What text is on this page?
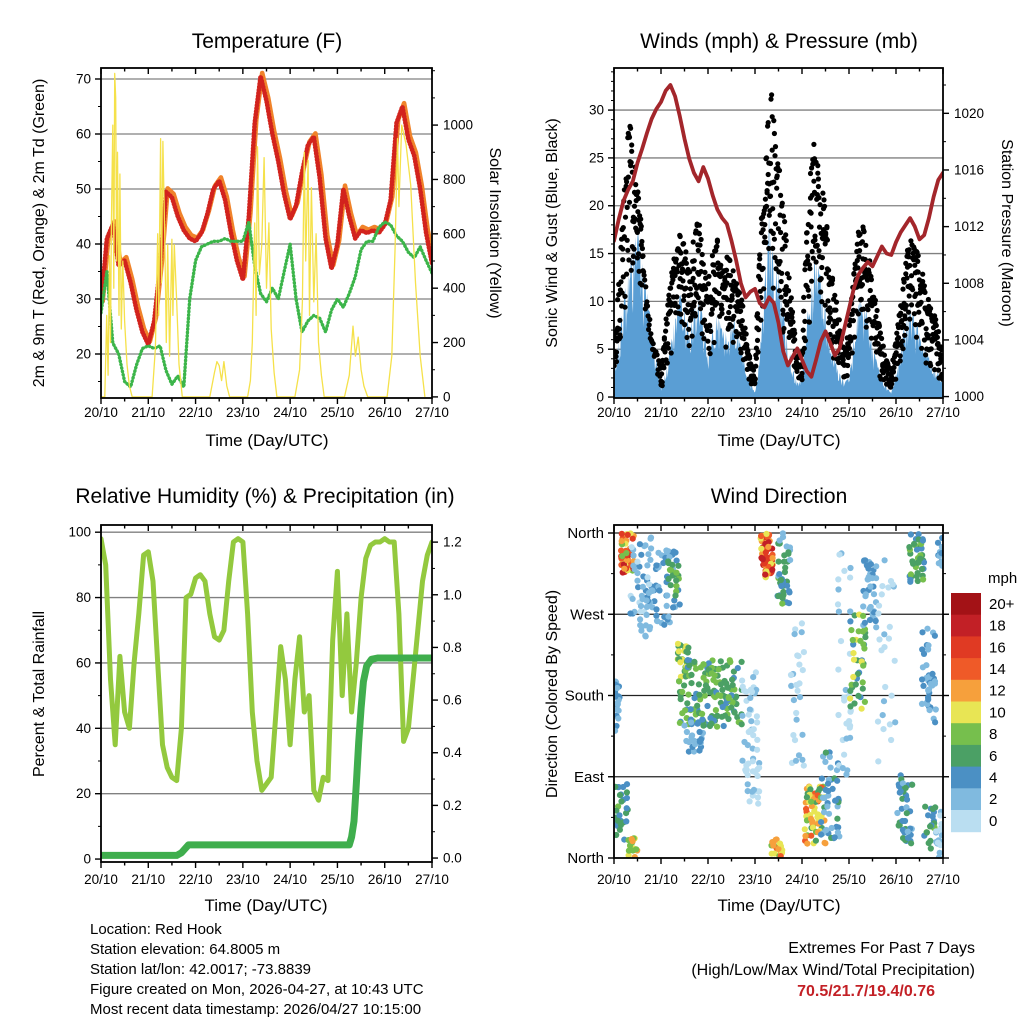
20/10 21/10 22/10 23/10 24/10 25/10 26/10 27/10
20
30
40
50
60
70
0
200
400
600
800
1000
20/10 21/10 22/10 23/10 24/10 25/10 26/10 27/10
0
5
10
15
20
25
30
1000
1004
1008
1012
1016
1020
20/10 21/10 22/10 23/10 24/10 25/10 26/10 27/10
0
20
40
60
80
100
0.0
0.2
0.4
0.6
0.8
1.0
1.2
20+
18
16
14
12
10
8
6
4
2
0
20/10 21/10 22/10 23/10 24/10 25/10 26/10 27/10
North
West
South
East
North
Temperature (F)	Winds (mph) & Pressure (mb)
Relative Humidity (%) & Precipitation (in)	Wind Direction
Time (Day/UTC)	Time (Day/UTC)
Time (Day/UTC)	Time (Day/UTC)
2m & 9m T (Red, Orange) & 2m Td (Green)	Solar Insolation (Yellow)	Sonic Wind & Gust (Blue, Black)	Station Pressure (Maroon)
Percent & Total Rainfall	Direction (Colored By Speed)
mph
Location: Red Hook
Station elevation: 64.8005 m
Station lat/lon: 42.0017; -73.8839
Figure created on Mon, 2026-04-27, at 10:43 UTC
Most recent data timestamp: 2026/04/27 10:15:00
Extremes For Past 7 Days
(High/Low/Max Wind/Total Precipitation)
70.5/21.7/19.4/0.76
